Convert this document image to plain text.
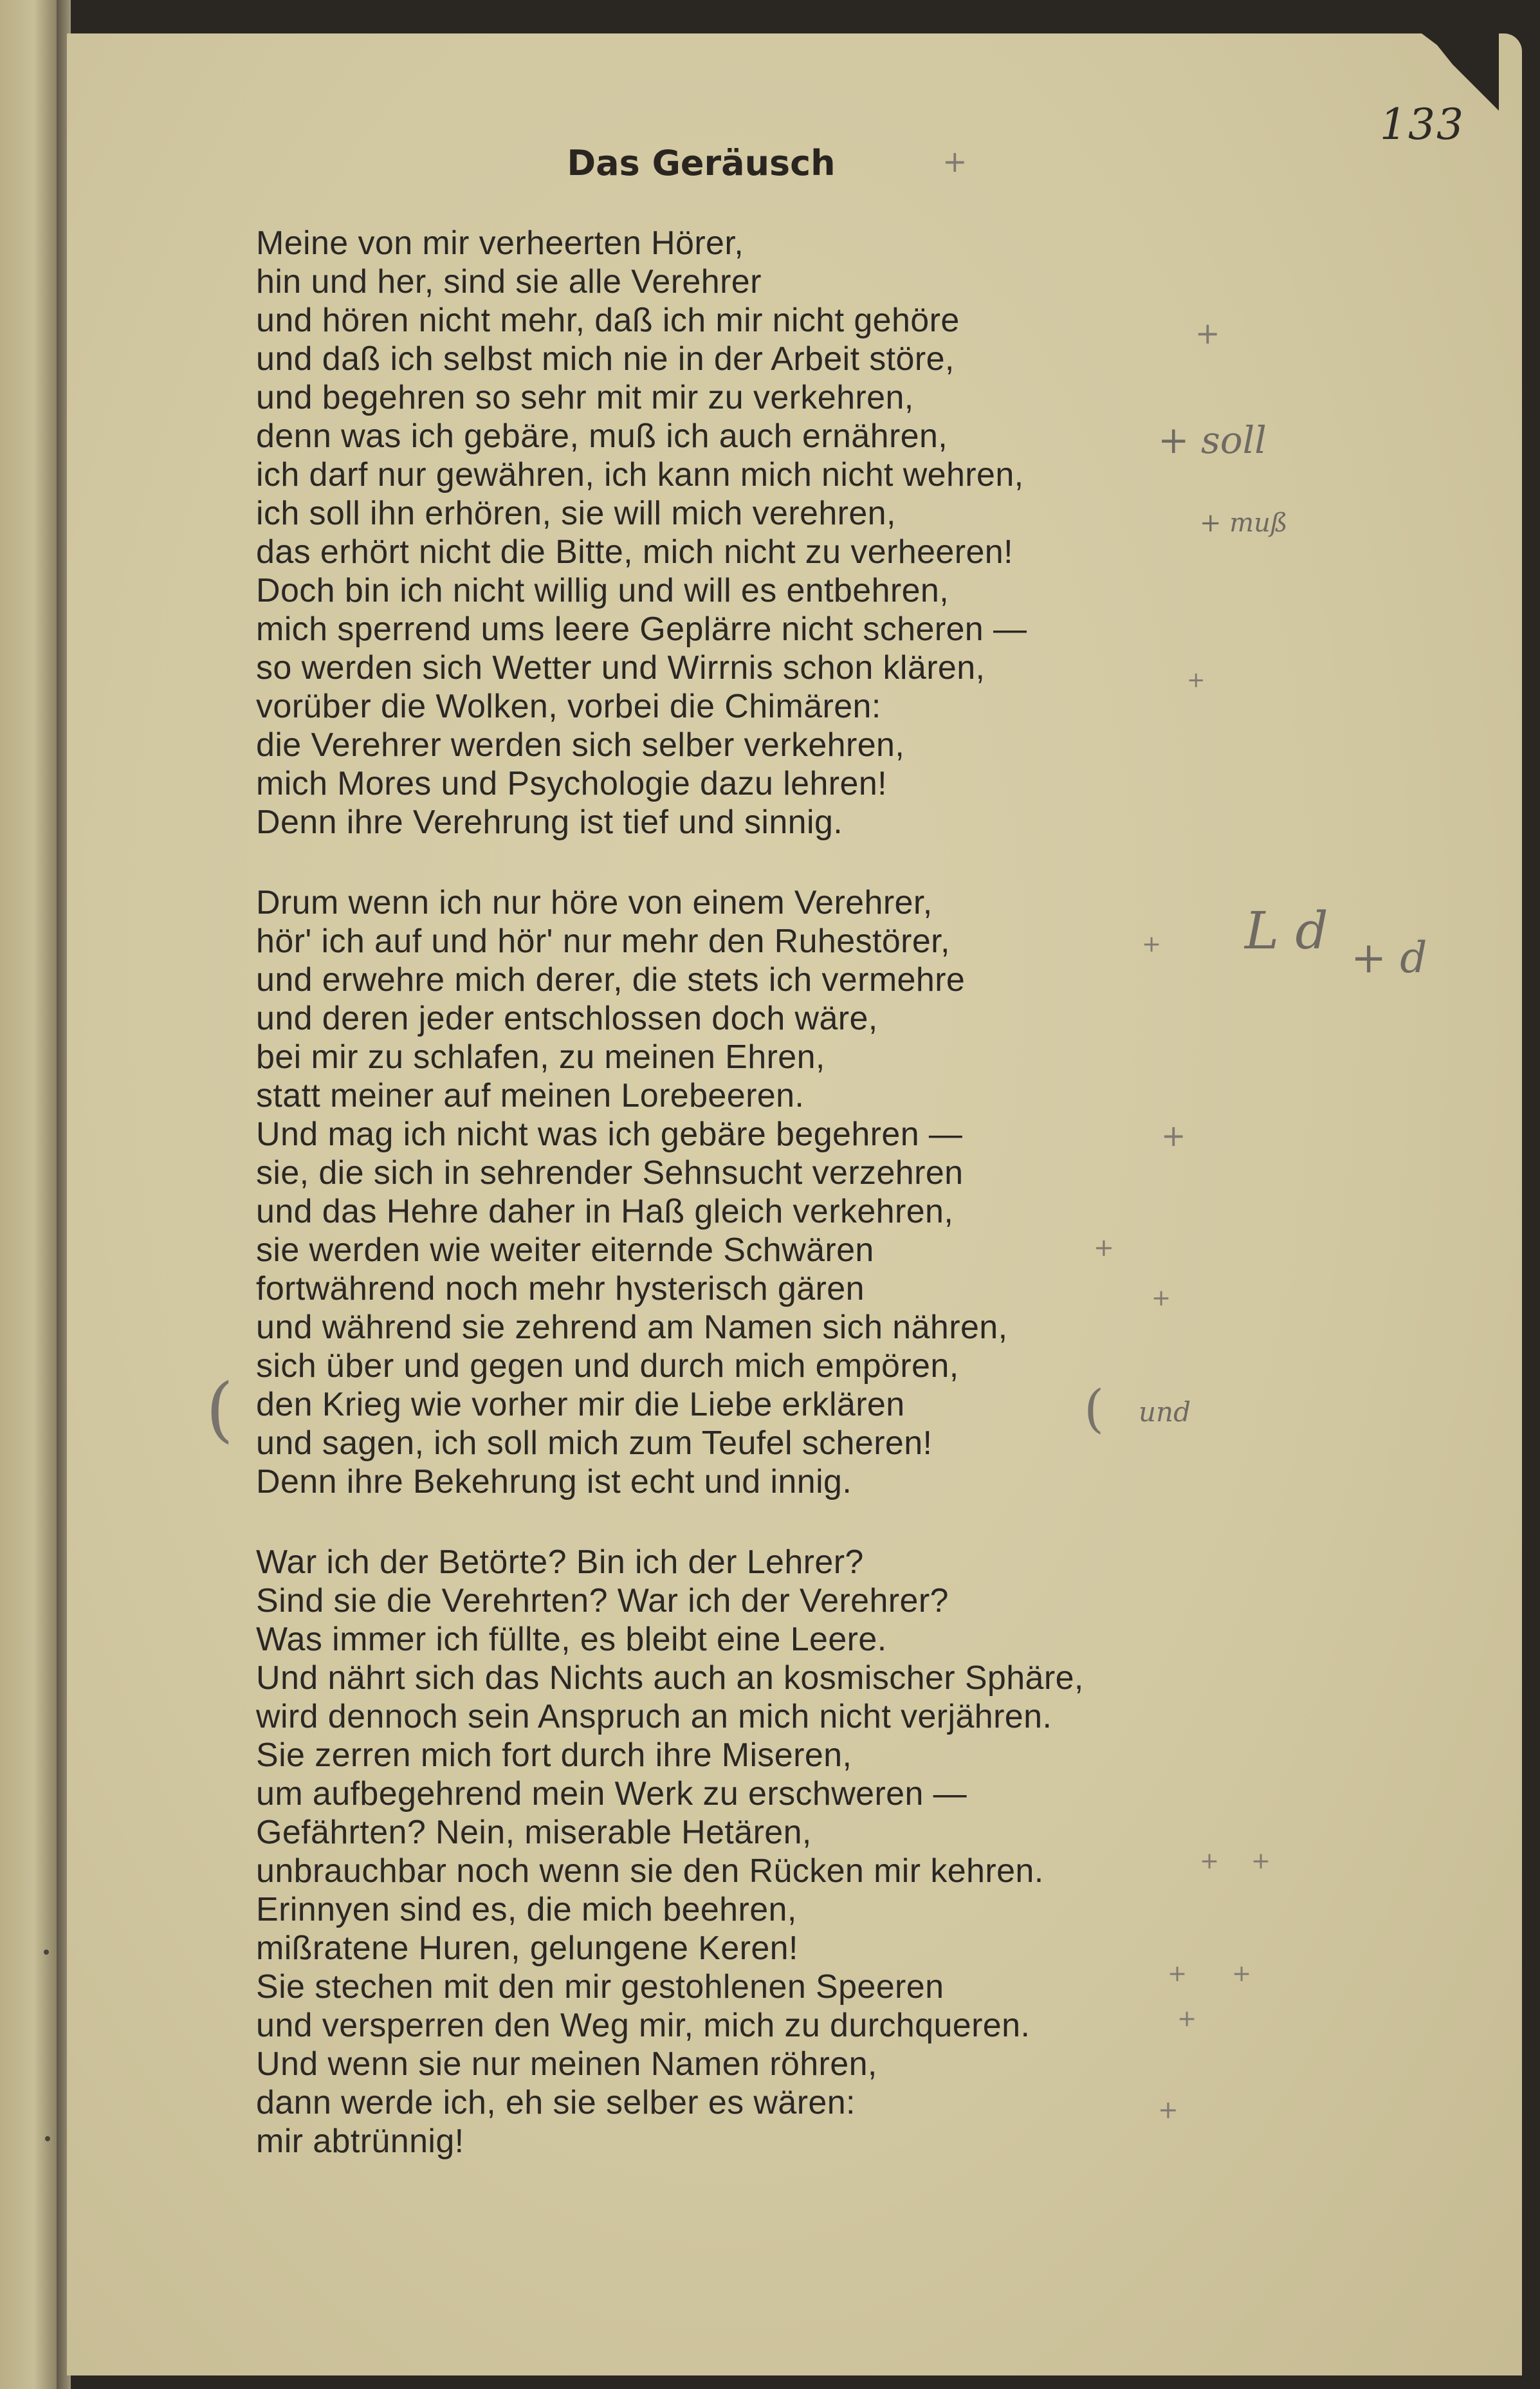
133
Das Geräusch
Meine von mir verheerten Hörer,
hin und her, sind sie alle Verehrer
und hören nicht mehr, daß ich mir nicht gehöre
und daß ich selbst mich nie in der Arbeit störe,
und begehren so sehr mit mir zu verkehren,
denn was ich gebäre, muß ich auch ernähren,
ich darf nur gewähren, ich kann mich nicht wehren,
ich soll ihn erhören, sie will mich verehren,
das erhört nicht die Bitte, mich nicht zu verheeren!
Doch bin ich nicht willig und will es entbehren,
mich sperrend ums leere Geplärre nicht scheren —
so werden sich Wetter und Wirrnis schon klären,
vorüber die Wolken, vorbei die Chimären:
die Verehrer werden sich selber verkehren,
mich Mores und Psychologie dazu lehren!
Denn ihre Verehrung ist tief und sinnig.
Drum wenn ich nur höre von einem Verehrer,
hör' ich auf und hör' nur mehr den Ruhestörer,
und erwehre mich derer, die stets ich vermehre
und deren jeder entschlossen doch wäre,
bei mir zu schlafen, zu meinen Ehren,
statt meiner auf meinen Lorebeeren.
Und mag ich nicht was ich gebäre begehren —
sie, die sich in sehrender Sehnsucht verzehren
und das Hehre daher in Haß gleich verkehren,
sie werden wie weiter eiternde Schwären
fortwährend noch mehr hysterisch gären
und während sie zehrend am Namen sich nähren,
sich über und gegen und durch mich empören,
den Krieg wie vorher mir die Liebe erklären
und sagen, ich soll mich zum Teufel scheren!
Denn ihre Bekehrung ist echt und innig.
War ich der Betörte? Bin ich der Lehrer?
Sind sie die Verehrten? War ich der Verehrer?
Was immer ich füllte, es bleibt eine Leere.
Und nährt sich das Nichts auch an kosmischer Sphäre,
wird dennoch sein Anspruch an mich nicht verjähren.
Sie zerren mich fort durch ihre Miseren,
um aufbegehrend mein Werk zu erschweren —
Gefährten? Nein, miserable Hetären,
unbrauchbar noch wenn sie den Rücken mir kehren.
Erinnyen sind es, die mich beehren,
mißratene Huren, gelungene Keren!
Sie stechen mit den mir gestohlenen Speeren
und versperren den Weg mir, mich zu durchqueren.
Und wenn sie nur meinen Namen röhren,
dann werde ich, eh sie selber es wären:
mir abtrünnig!
+
+
+ soll
+ muß
+
L d + d
+
+
+
+
(	( und
+ +
+ +
+
+
